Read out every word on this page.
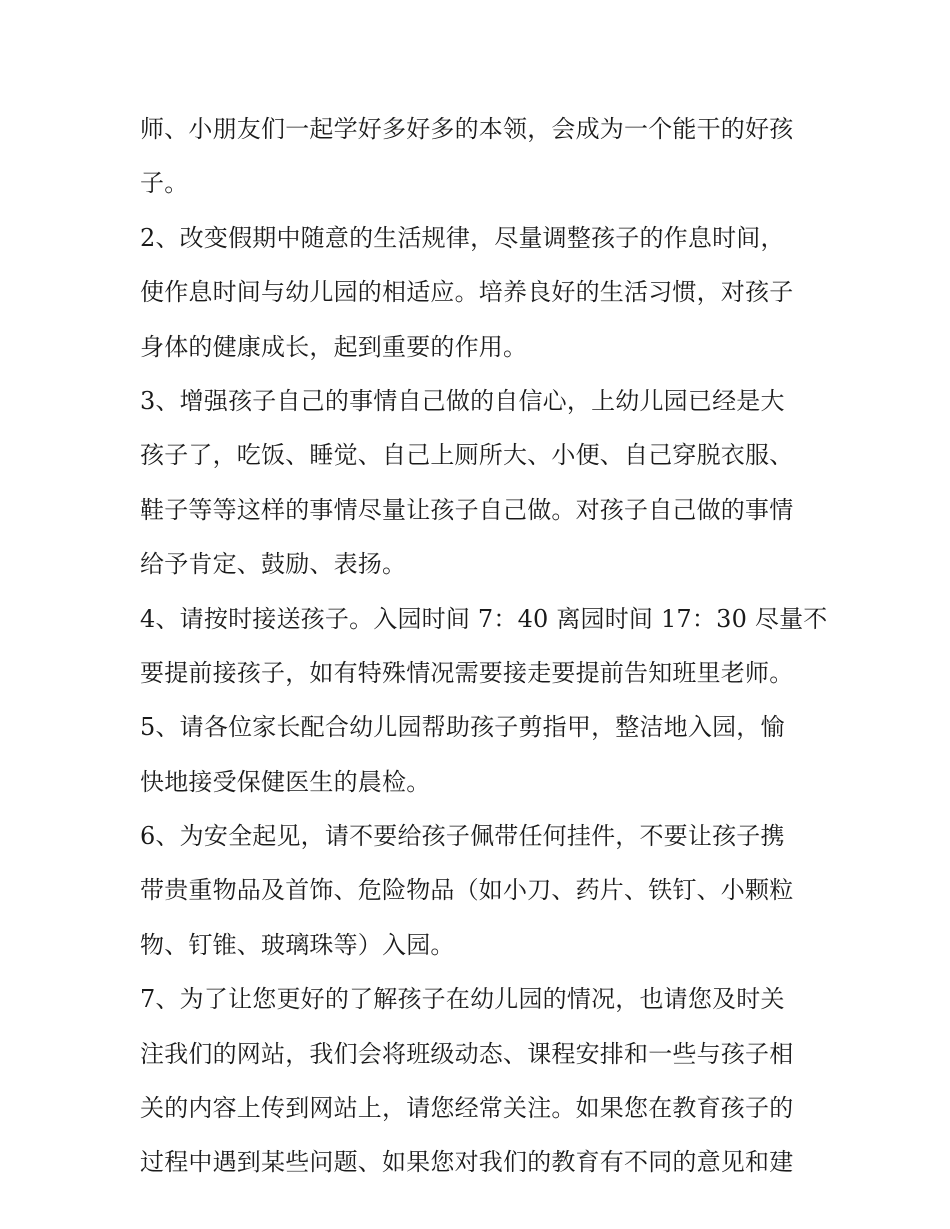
师、小朋友们一起学好多好多的本领，会成为一个能干的好孩
子。
2、改变假期中随意的生活规律，尽量调整孩子的作息时间，
使作息时间与幼儿园的相适应。培养良好的生活习惯，对孩子
身体的健康成长，起到重要的作用。
3、增强孩子自己的事情自己做的自信心，上幼儿园已经是大
孩子了，吃饭、睡觉、自己上厕所大、小便、自己穿脱衣服、
鞋子等等这样的事情尽量让孩子自己做。对孩子自己做的事情
给予肯定、鼓励、表扬。
4、请按时接送孩子。入园时间 7：40 离园时间 17：30 尽量不
要提前接孩子，如有特殊情况需要接走要提前告知班里老师。
5、请各位家长配合幼儿园帮助孩子剪指甲，整洁地入园，愉
快地接受保健医生的晨检。
6、为安全起见，请不要给孩子佩带任何挂件，不要让孩子携
带贵重物品及首饰、危险物品（如小刀、药片、铁钉、小颗粒
物、钉锥、玻璃珠等）入园。
7、为了让您更好的了解孩子在幼儿园的情况，也请您及时关
注我们的网站，我们会将班级动态、课程安排和一些与孩子相
关的内容上传到网站上，请您经常关注。如果您在教育孩子的
过程中遇到某些问题、如果您对我们的教育有不同的意见和建
